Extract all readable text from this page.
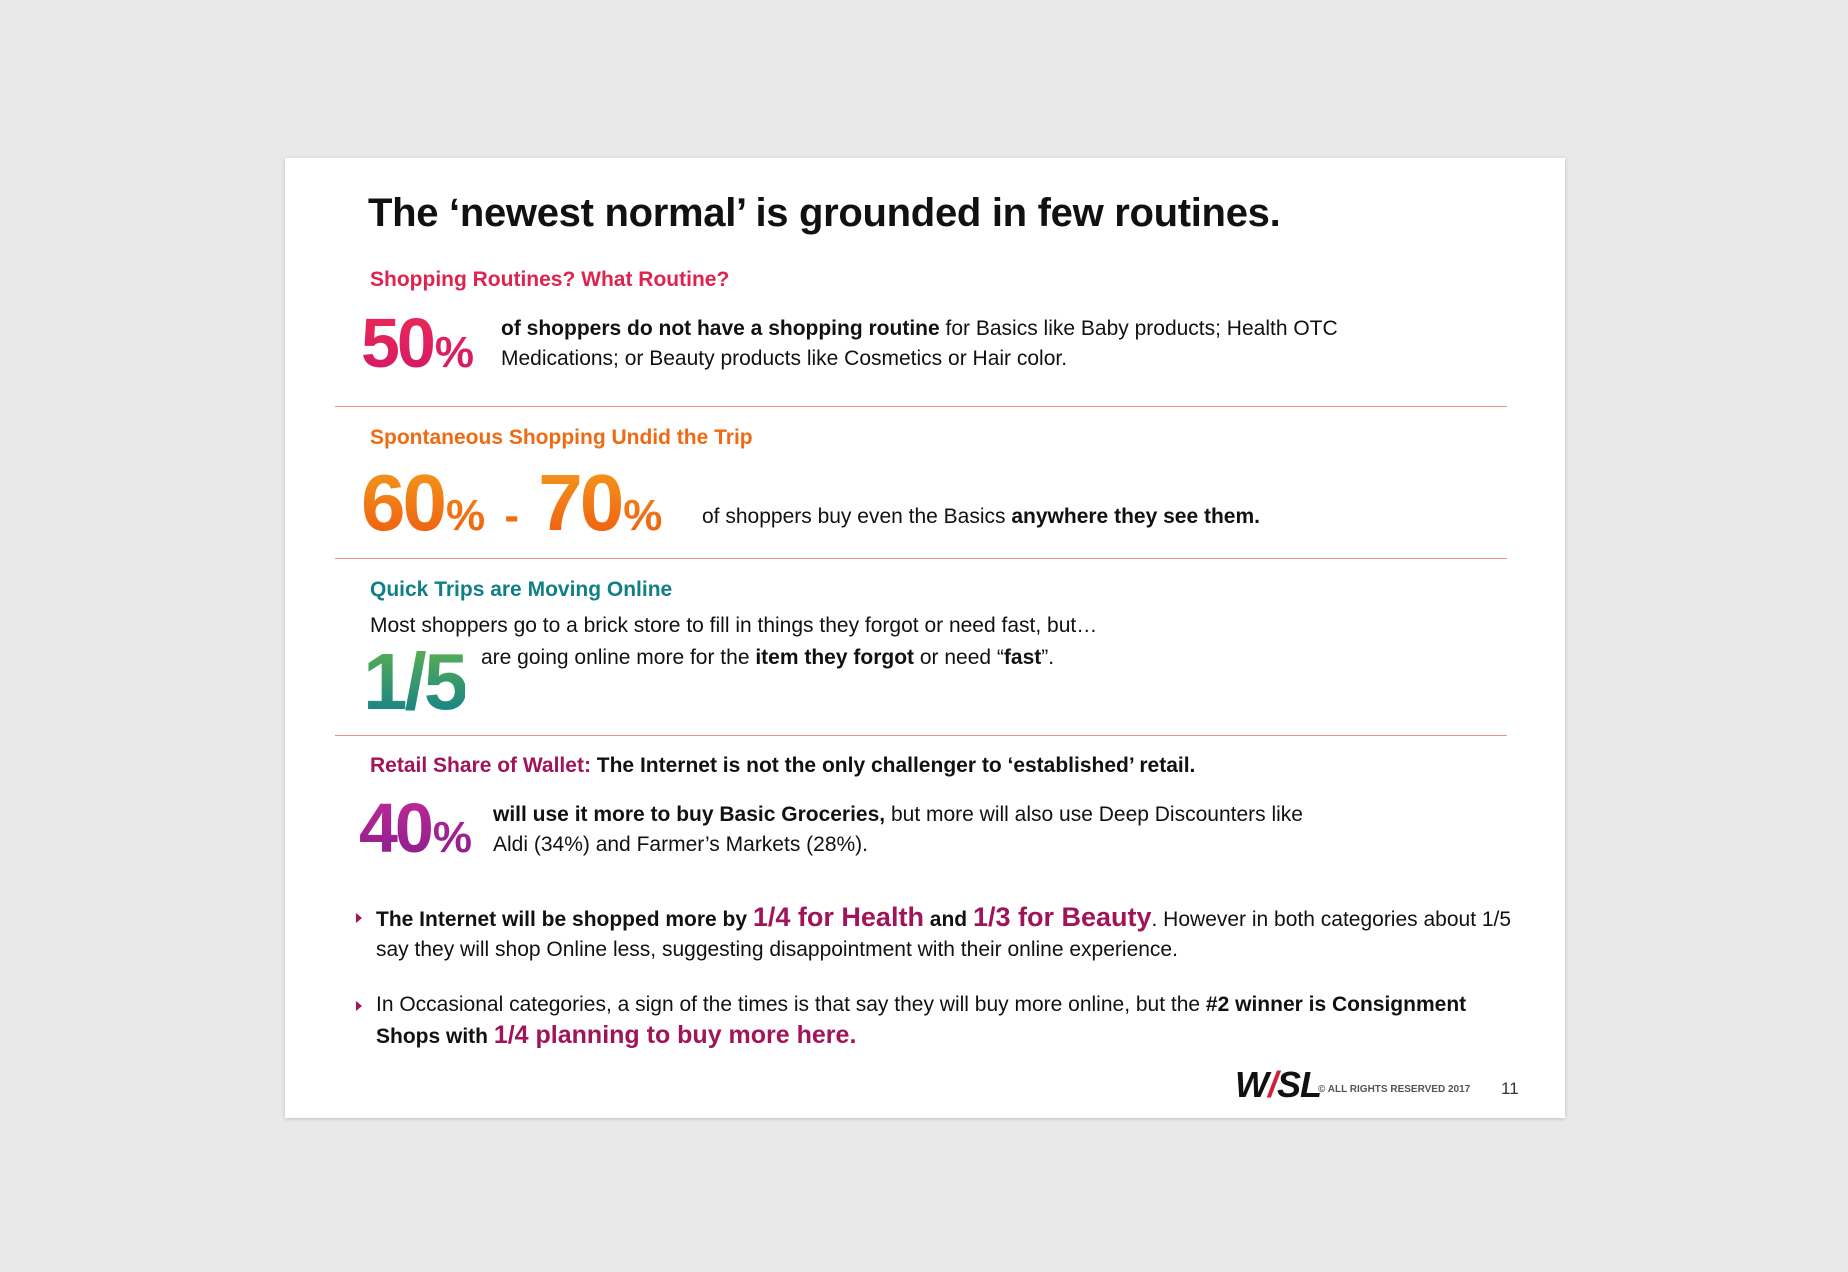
The ‘newest normal’ is grounded in few routines.
Shopping Routines? What Routine?
50% of shoppers do not have a shopping routine for Basics like Baby products; Health OTC Medications; or Beauty products like Cosmetics or Hair color.
Spontaneous Shopping Undid the Trip
60% - 70% of shoppers buy even the Basics anywhere they see them.
Quick Trips are Moving Online
Most shoppers go to a brick store to fill in things they forgot or need fast, but…
1/5 are going online more for the item they forgot or need “fast”.
Retail Share of Wallet: The Internet is not the only challenger to ‘established’ retail.
40% will use it more to buy Basic Groceries, but more will also use Deep Discounters like Aldi (34%) and Farmer’s Markets (28%).
The Internet will be shopped more by 1/4 for Health and 1/3 for Beauty. However in both categories about 1/5 say they will shop Online less, suggesting disappointment with their online experience.
In Occasional categories, a sign of the times is that say they will buy more online, but the #2 winner is Consignment Shops with 1/4 planning to buy more here.
W/SL
© ALL RIGHTS RESERVED 2017 11
